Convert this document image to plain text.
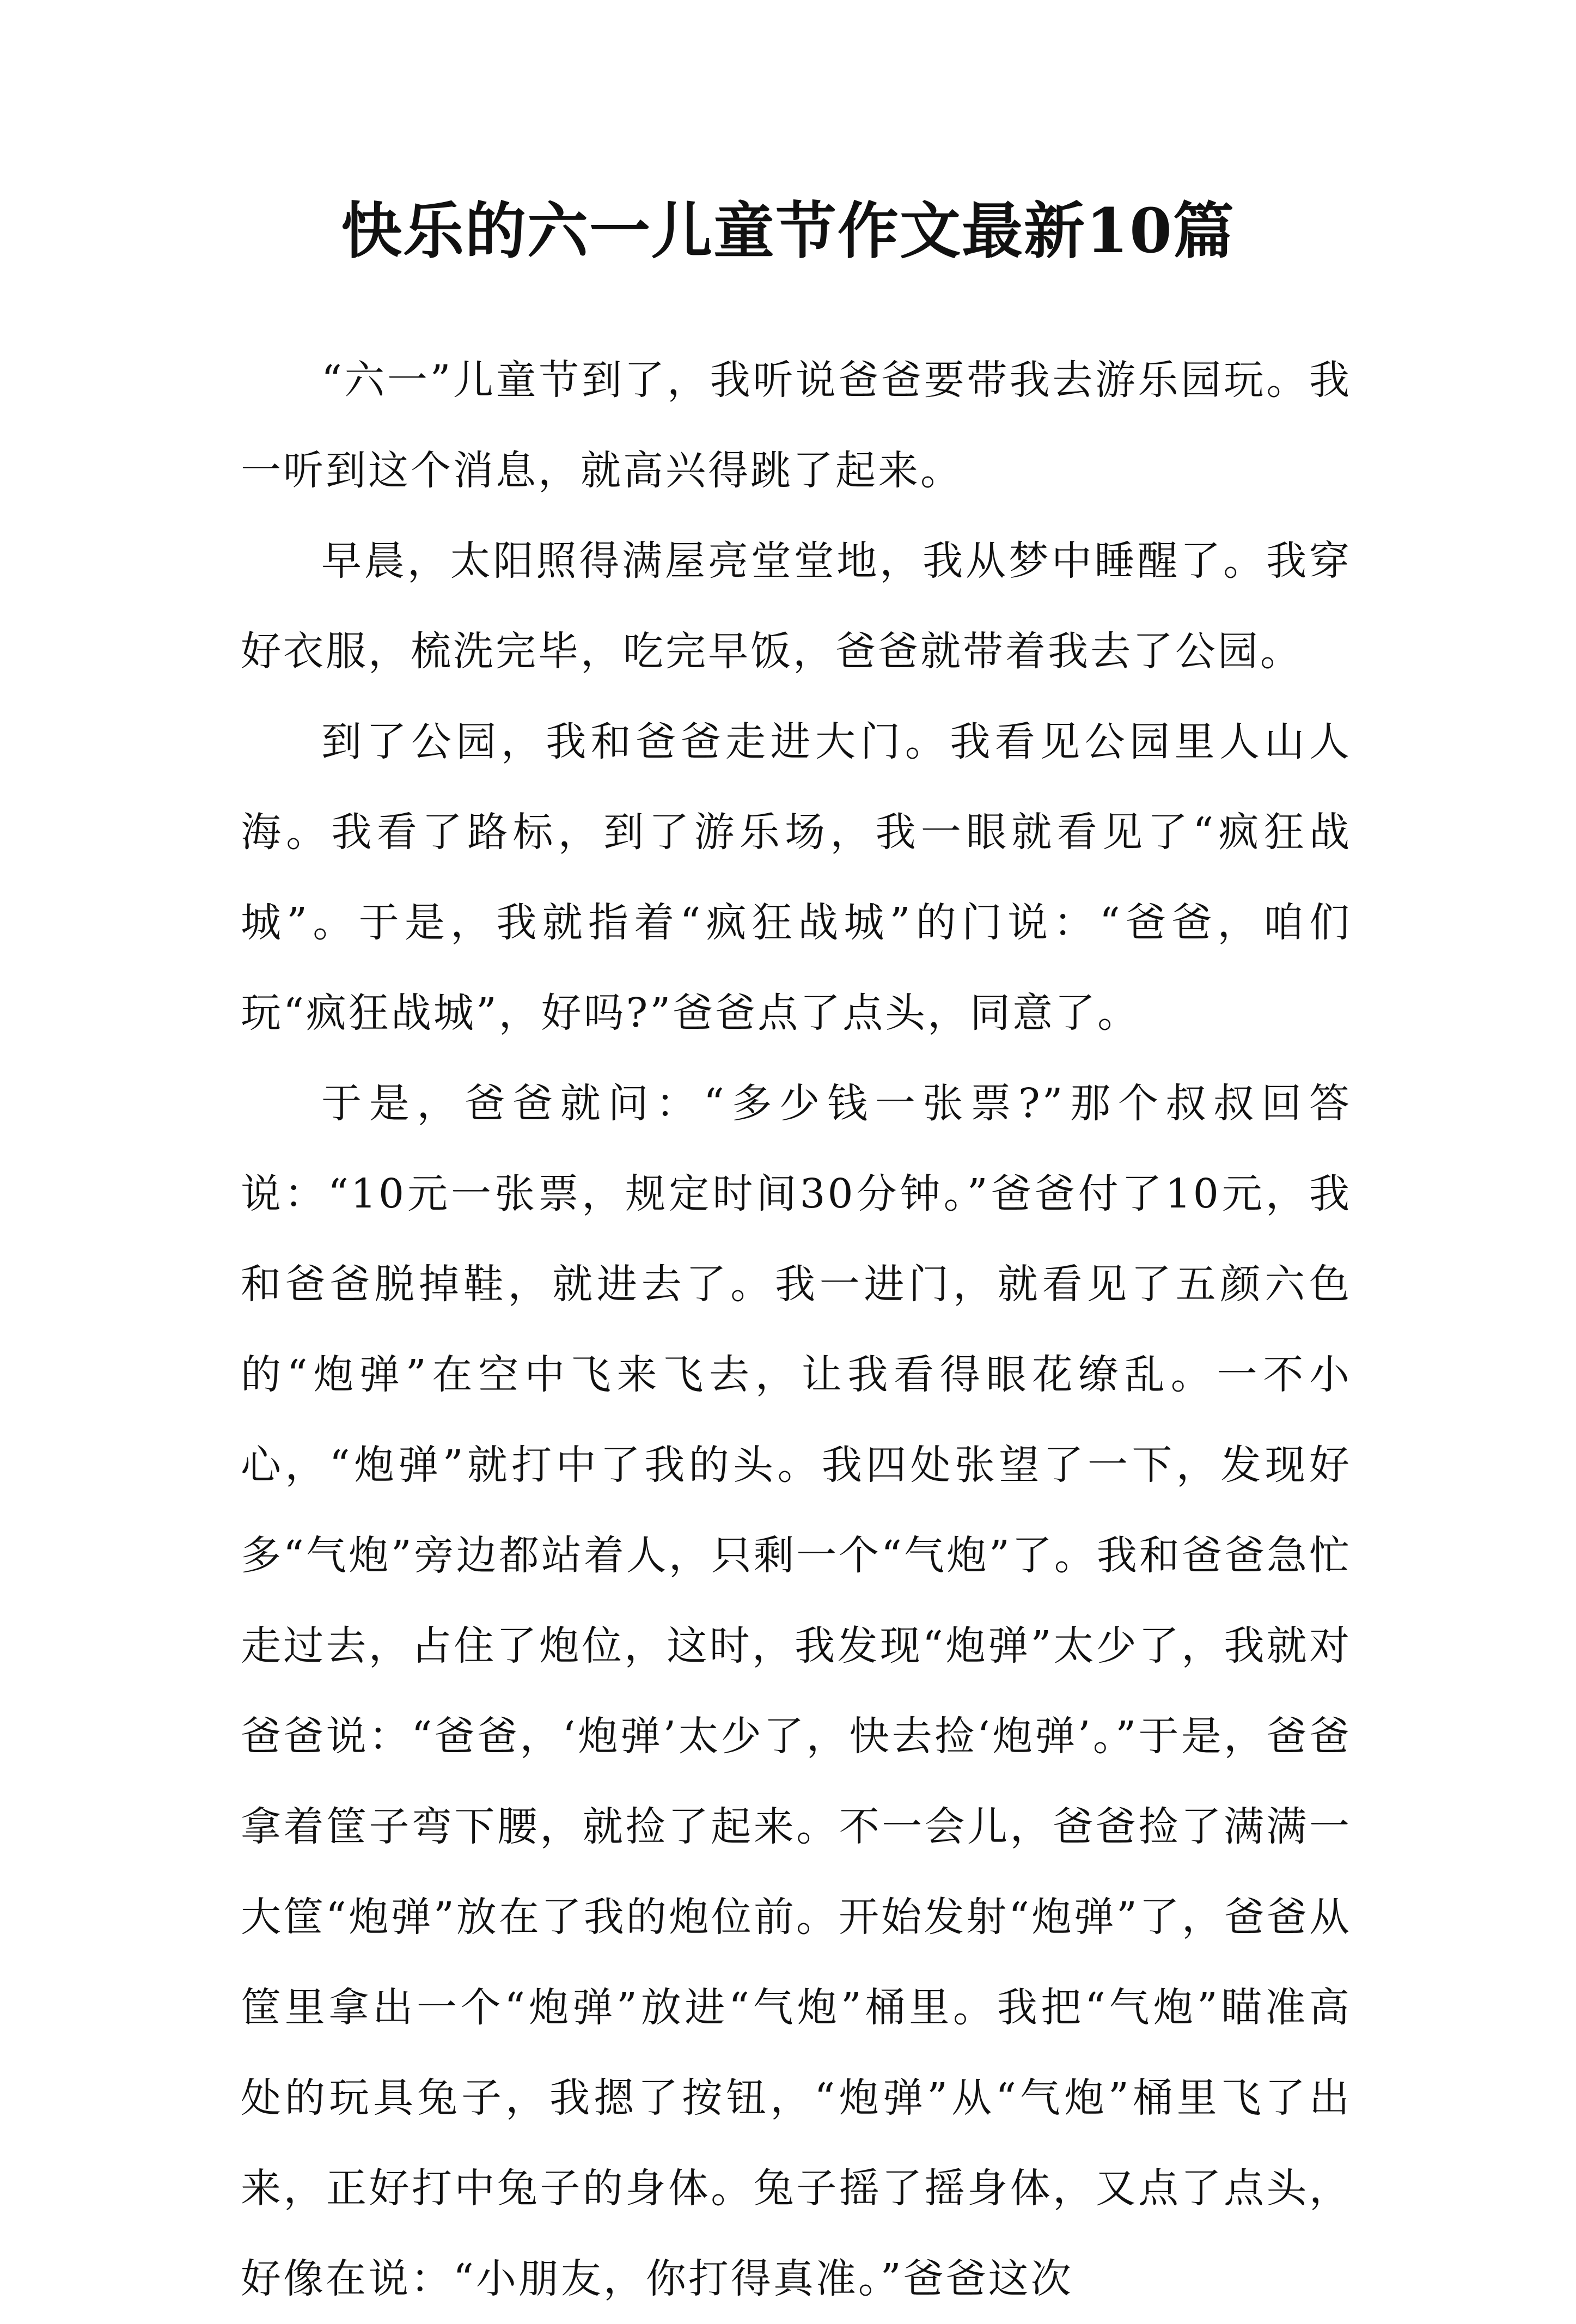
快乐的六一儿童节作文最新10篇

“六一”儿童节到了，我听说爸爸要带我去游乐园玩。我一听到这个消息，就高兴得跳了起来。

早晨，太阳照得满屋亮堂堂地，我从梦中睡醒了。我穿好衣服，梳洗完毕，吃完早饭，爸爸就带着我去了公园。

到了公园，我和爸爸走进大门。我看见公园里人山人海。我看了路标，到了游乐场，我一眼就看见了“疯狂战城”。于是，我就指着“疯狂战城”的门说：“爸爸，咱们玩“疯狂战城”，好吗?”爸爸点了点头，同意了。

于是，爸爸就问：“多少钱一张票?”那个叔叔回答说：“10元一张票，规定时间30分钟。”爸爸付了10元，我和爸爸脱掉鞋，就进去了。我一进门，就看见了五颜六色的“炮弹”在空中飞来飞去，让我看得眼花缭乱。一不小心，“炮弹”就打中了我的头。我四处张望了一下，发现好多“气炮”旁边都站着人，只剩一个“气炮”了。我和爸爸急忙走过去，占住了炮位，这时，我发现“炮弹”太少了，我就对爸爸说：“爸爸，‘炮弹’太少了，快去捡‘炮弹’。”于是，爸爸拿着筐子弯下腰，就捡了起来。不一会儿，爸爸捡了满满一大筐“炮弹”放在了我的炮位前。开始发射“炮弹”了，爸爸从筐里拿出一个“炮弹”放进“气炮”桶里。我把“气炮”瞄准高处的玩具兔子，我摁了按钮，“炮弹”从“气炮”桶里飞了出来，正好打中兔子的身体。兔子摇了摇身体，又点了点头，好像在说：“小朋友，你打得真准。”爸爸这次
